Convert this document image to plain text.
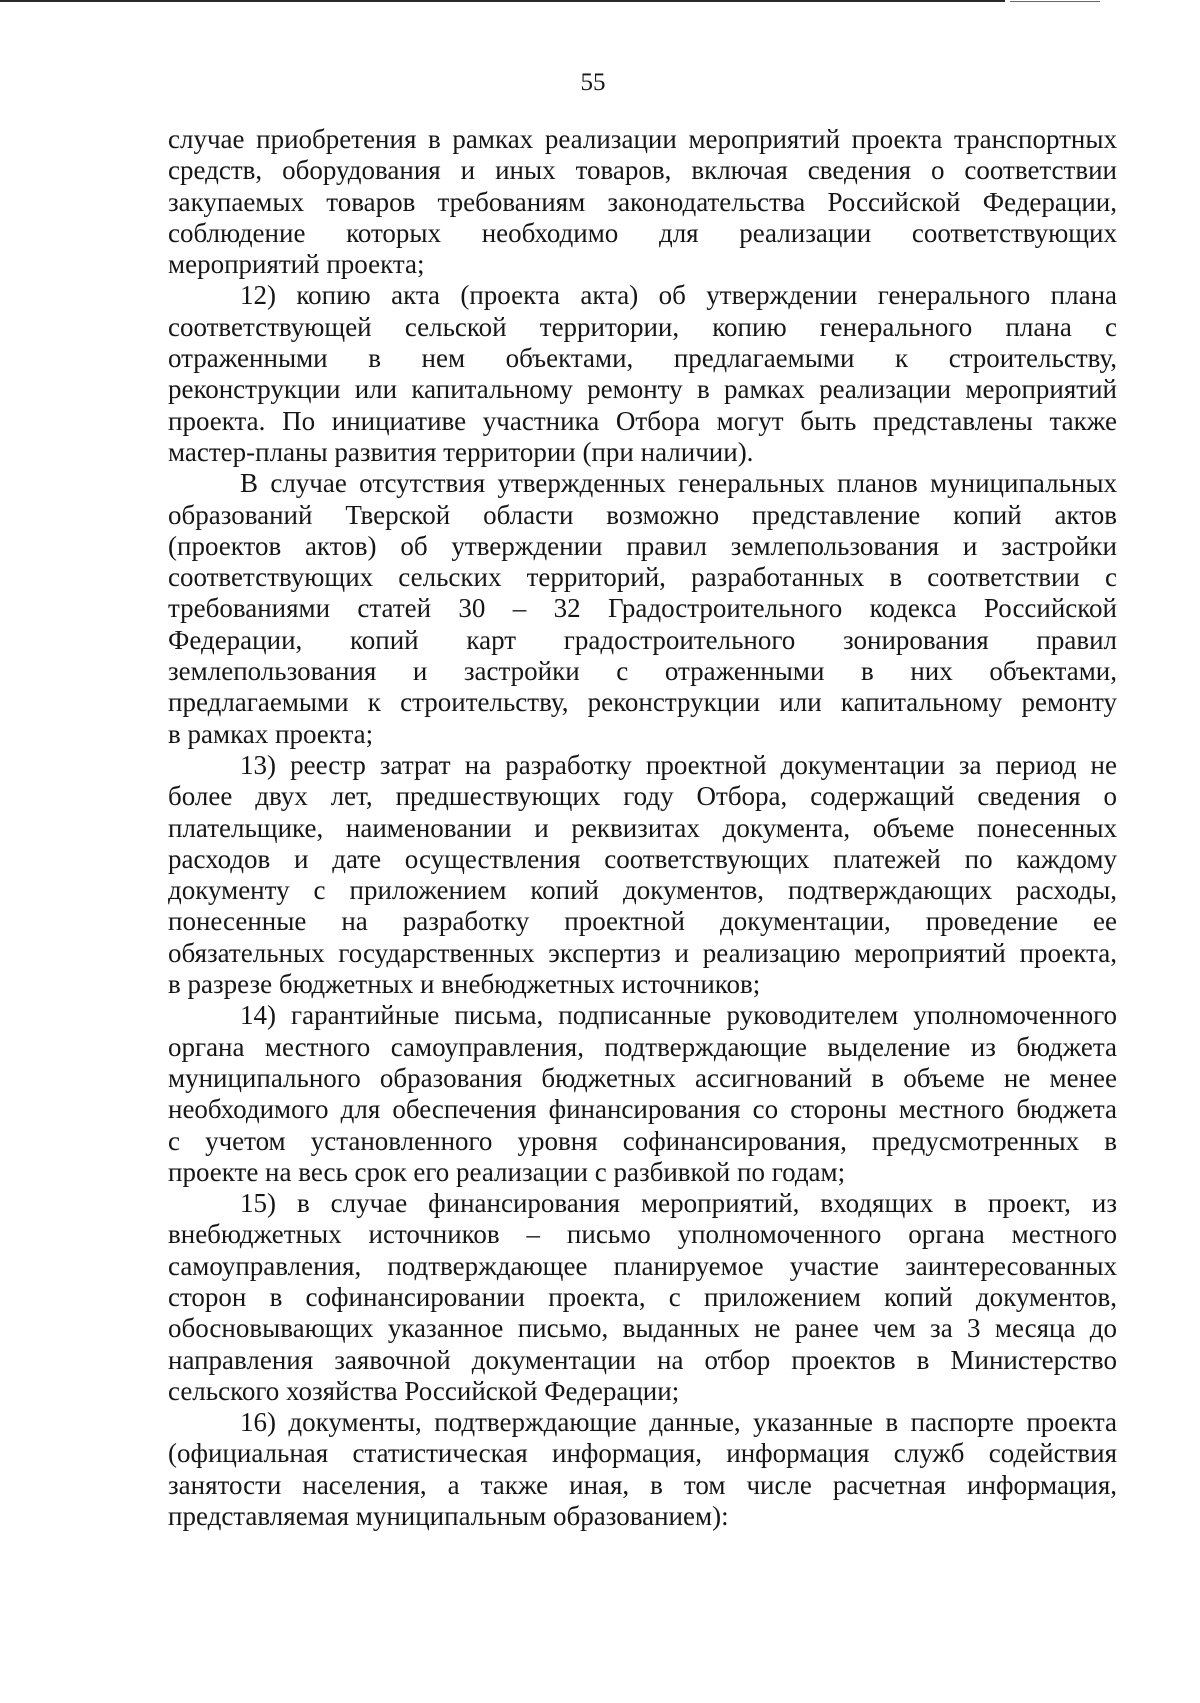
55
случае приобретения в рамках реализации мероприятий проекта транспортных
средств, оборудования и иных товаров, включая сведения о соответствии
закупаемых товаров требованиям законодательства Российской Федерации,
соблюдение которых необходимо для реализации соответствующих
мероприятий проекта;
12) копию акта (проекта акта) об утверждении генерального плана
соответствующей сельской территории, копию генерального плана с
отраженными в нем объектами, предлагаемыми к строительству,
реконструкции или капитальному ремонту в рамках реализации мероприятий
проекта. По инициативе участника Отбора могут быть представлены также
мастер-планы развития территории (при наличии).
В случае отсутствия утвержденных генеральных планов муниципальных
образований Тверской области возможно представление копий актов
(проектов актов) об утверждении правил землепользования и застройки
соответствующих сельских территорий, разработанных в соответствии с
требованиями статей 30 – 32 Градостроительного кодекса Российской
Федерации, копий карт градостроительного зонирования правил
землепользования и застройки с отраженными в них объектами,
предлагаемыми к строительству, реконструкции или капитальному ремонту
в рамках проекта;
13) реестр затрат на разработку проектной документации за период не
более двух лет, предшествующих году Отбора, содержащий сведения о
плательщике, наименовании и реквизитах документа, объеме понесенных
расходов и дате осуществления соответствующих платежей по каждому
документу с приложением копий документов, подтверждающих расходы,
понесенные на разработку проектной документации, проведение ее
обязательных государственных экспертиз и реализацию мероприятий проекта,
в разрезе бюджетных и внебюджетных источников;
14) гарантийные письма, подписанные руководителем уполномоченного
органа местного самоуправления, подтверждающие выделение из бюджета
муниципального образования бюджетных ассигнований в объеме не менее
необходимого для обеспечения финансирования со стороны местного бюджета
с учетом установленного уровня софинансирования, предусмотренных в
проекте на весь срок его реализации с разбивкой по годам;
15) в случае финансирования мероприятий, входящих в проект, из
внебюджетных источников – письмо уполномоченного органа местного
самоуправления, подтверждающее планируемое участие заинтересованных
сторон в софинансировании проекта, с приложением копий документов,
обосновывающих указанное письмо, выданных не ранее чем за 3 месяца до
направления заявочной документации на отбор проектов в Министерство
сельского хозяйства Российской Федерации;
16) документы, подтверждающие данные, указанные в паспорте проекта
(официальная статистическая информация, информация служб содействия
занятости населения, а также иная, в том числе расчетная информация,
представляемая муниципальным образованием):
